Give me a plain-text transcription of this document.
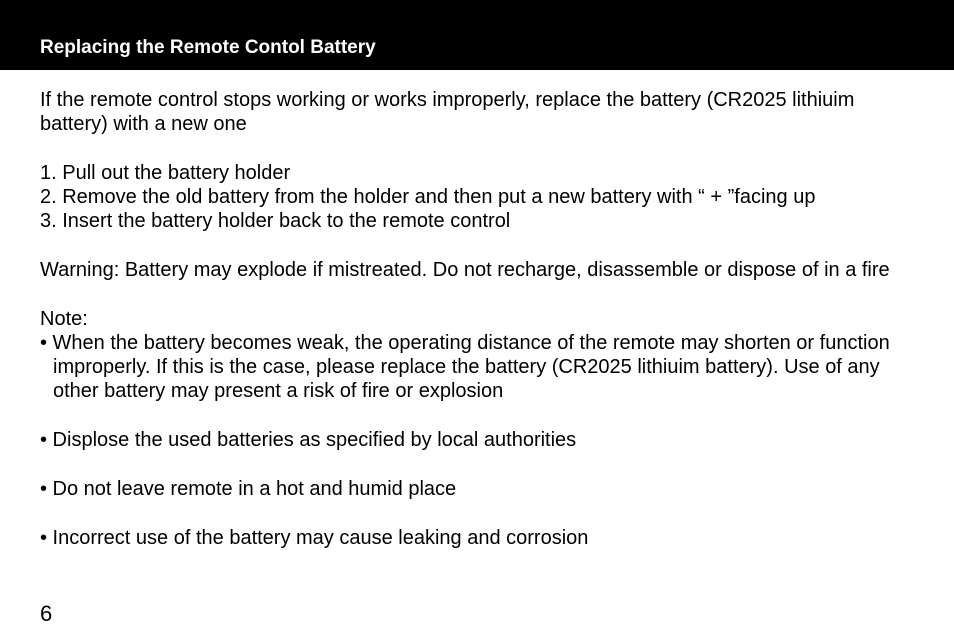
Replacing the Remote Contol Battery

If the remote control stops working or works improperly, replace the battery (CR2025 lithiuim battery) with a new one

1. Pull out the battery holder

2. Remove the old battery from the holder and then put a new battery with “ + ”facing up

3. Insert the battery holder back to the remote control

Warning: Battery may explode if mistreated. Do not recharge, disassemble or dispose of in a fire

Note:

• When the battery becomes weak, the operating distance of the remote may shorten or function improperly. If this is the case, please replace the battery (CR2025 lithiuim battery). Use of any other battery may present a risk of fire or explosion

• Displose the used batteries as specified by local authorities

• Do not leave remote in a hot and humid place

• Incorrect use of the battery may cause leaking and corrosion

6
